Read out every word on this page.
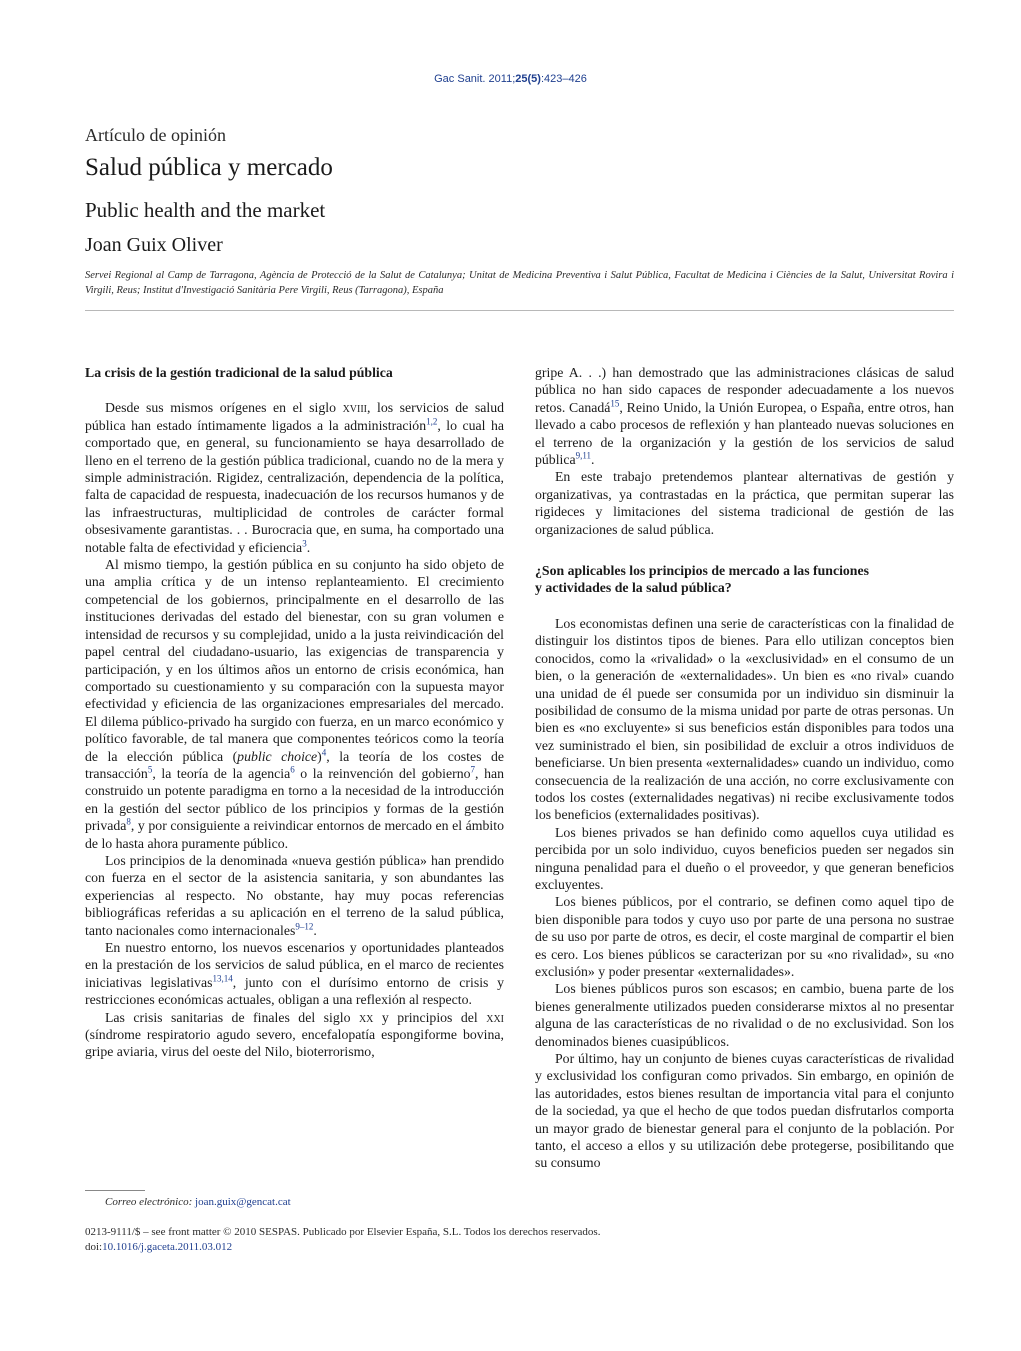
Gac Sanit. 2011;25(5):423–426
Artículo de opinión
Salud pública y mercado
Public health and the market
Joan Guix Oliver
Servei Regional al Camp de Tarragona, Agència de Protecció de la Salut de Catalunya; Unitat de Medicina Preventiva i Salut Pública, Facultat de Medicina i Ciències de la Salut, Universitat Rovira i Virgili, Reus; Institut d'Investigació Sanitària Pere Virgili, Reus (Tarragona), España
La crisis de la gestión tradicional de la salud pública

Desde sus mismos orígenes en el siglo xviii, los servicios de salud pública han estado íntimamente ligados a la administración$^{1,2}$, lo cual ha comportado que, en general, su funcionamiento se haya desarrollado de lleno en el terreno de la gestión pública tradicional, cuando no de la mera y simple administración. Rigidez, centralización, dependencia de la política, falta de capacidad de respuesta, inadecuación de los recursos humanos y de las infraestructuras, multiplicidad de controles de carácter formal obsesivamente garantistas. . . Burocracia que, en suma, ha comportado una notable falta de efectividad y eficiencia$^3$.

Al mismo tiempo, la gestión pública en su conjunto ha sido objeto de una amplia crítica y de un intenso replanteamiento. El crecimiento competencial de los gobiernos, principalmente en el desarrollo de las instituciones derivadas del estado del bienestar, con su gran volumen e intensidad de recursos y su complejidad, unido a la justa reivindicación del papel central del ciudadano-usuario, las exigencias de transparencia y participación, y en los últimos años un entorno de crisis económica, han comportado su cuestionamiento y su comparación con la supuesta mayor efectividad y eficiencia de las organizaciones empresariales del mercado. El dilema público-privado ha surgido con fuerza, en un marco económico y político favorable, de tal manera que componentes teóricos como la teoría de la elección pública (public choice)$^4$, la teoría de los costes de transacción$^5$, la teoría de la agencia$^6$ o la reinvención del gobierno$^7$, han construido un potente paradigma en torno a la necesidad de la introducción en la gestión del sector público de los principios y formas de la gestión privada$^8$, y por consiguiente a reivindicar entornos de mercado en el ámbito de lo hasta ahora puramente público.

Los principios de la denominada «nueva gestión pública» han prendido con fuerza en el sector de la asistencia sanitaria, y son abundantes las experiencias al respecto. No obstante, hay muy pocas referencias bibliográficas referidas a su aplicación en el terreno de la salud pública, tanto nacionales como internacionales$^{9-12}$.

En nuestro entorno, los nuevos escenarios y oportunidades planteados en la prestación de los servicios de salud pública, en el marco de recientes iniciativas legislativas$^{13,14}$, junto con el durísimo entorno de crisis y restricciones económicas actuales, obligan a una reflexión al respecto.

Las crisis sanitarias de finales del siglo xx y principios del xxi (síndrome respiratorio agudo severo, encefalopatía espongiforme bovina, gripe aviaria, virus del oeste del Nilo, bioterrorismo,

gripe A. . .) han demostrado que las administraciones clásicas de salud pública no han sido capaces de responder adecuadamente a los nuevos retos. Canadá$^{15}$, Reino Unido, la Unión Europea, o España, entre otros, han llevado a cabo procesos de reflexión y han planteado nuevas soluciones en el terreno de la organización y la gestión de los servicios de salud pública$^{9,11}$.

En este trabajo pretendemos plantear alternativas de gestión y organizativas, ya contrastadas en la práctica, que permitan superar las rigideces y limitaciones del sistema tradicional de gestión de las organizaciones de salud pública.

¿Son aplicables los principios de mercado a las funciones
y actividades de la salud pública?

Los economistas definen una serie de características con la finalidad de distinguir los distintos tipos de bienes. Para ello utilizan conceptos bien conocidos, como la «rivalidad» o la «exclusividad» en el consumo de un bien, o la generación de «externalidades». Un bien es «no rival» cuando una unidad de él puede ser consumida por un individuo sin disminuir la posibilidad de consumo de la misma unidad por parte de otras personas. Un bien es «no excluyente» si sus beneficios están disponibles para todos una vez suministrado el bien, sin posibilidad de excluir a otros individuos de beneficiarse. Un bien presenta «externalidades» cuando un individuo, como consecuencia de la realización de una acción, no corre exclusivamente con todos los costes (externalidades negativas) ni recibe exclusivamente todos los beneficios (externalidades positivas).

Los bienes privados se han definido como aquellos cuya utilidad es percibida por un solo individuo, cuyos beneficios pueden ser negados sin ninguna penalidad para el dueño o el proveedor, y que generan beneficios excluyentes.

Los bienes públicos, por el contrario, se definen como aquel tipo de bien disponible para todos y cuyo uso por parte de una persona no sustrae de su uso por parte de otros, es decir, el coste marginal de compartir el bien es cero. Los bienes públicos se caracterizan por su «no rivalidad», su «no exclusión» y poder presentar «externalidades».

Los bienes públicos puros son escasos; en cambio, buena parte de los bienes generalmente utilizados pueden considerarse mixtos al no presentar alguna de las características de no rivalidad o de no exclusividad. Son los denominados bienes cuasipúblicos.

Por último, hay un conjunto de bienes cuyas características de rivalidad y exclusividad los configuran como privados. Sin embargo, en opinión de las autoridades, estos bienes resultan de importancia vital para el conjunto de la sociedad, ya que el hecho de que todos puedan disfrutarlos comporta un mayor grado de bienestar general para el conjunto de la población. Por tanto, el acceso a ellos y su utilización debe protegerse, posibilitando que su consumo

Correo electrónico: joan.guix@gencat.cat
0213-9111/$ – see front matter © 2010 SESPAS. Publicado por Elsevier España, S.L. Todos los derechos reservados.
doi:10.1016/j.gaceta.2011.03.012
